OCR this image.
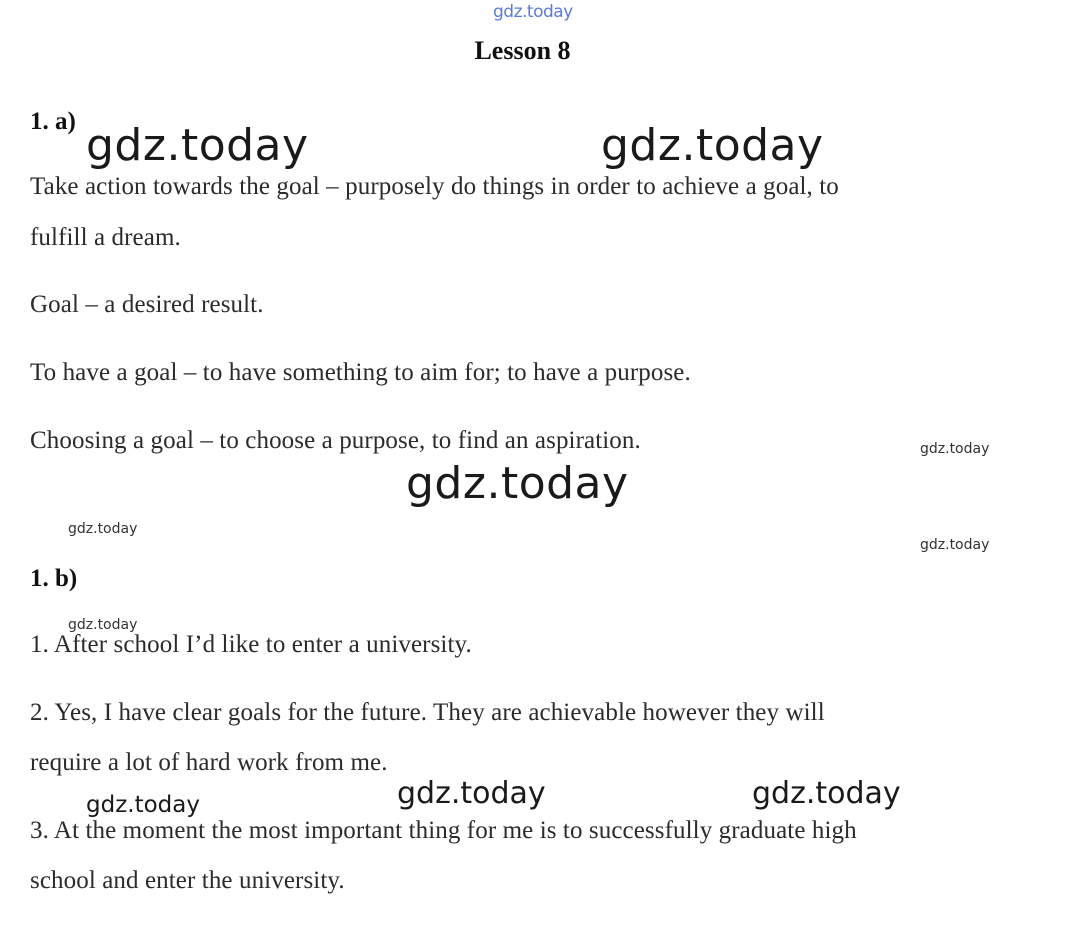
gdz.today
Lesson 8
1. a)
Take action towards the goal – purposely do things in order to achieve a goal, to
fulfill a dream.
Goal – a desired result.
To have a goal – to have something to aim for; to have a purpose.
Choosing a goal – to choose a purpose, to find an aspiration.
1. b)
1. After school I’d like to enter a university.
2. Yes, I have clear goals for the future. They are achievable however they will
require a lot of hard work from me.
3. At the moment the most important thing for me is to successfully graduate high
school and enter the university.
gdz.today	gdz.today
gdz.today
gdz.today
gdz.today
gdz.today
gdz.today
gdz.today	gdz.today
gdz.today
